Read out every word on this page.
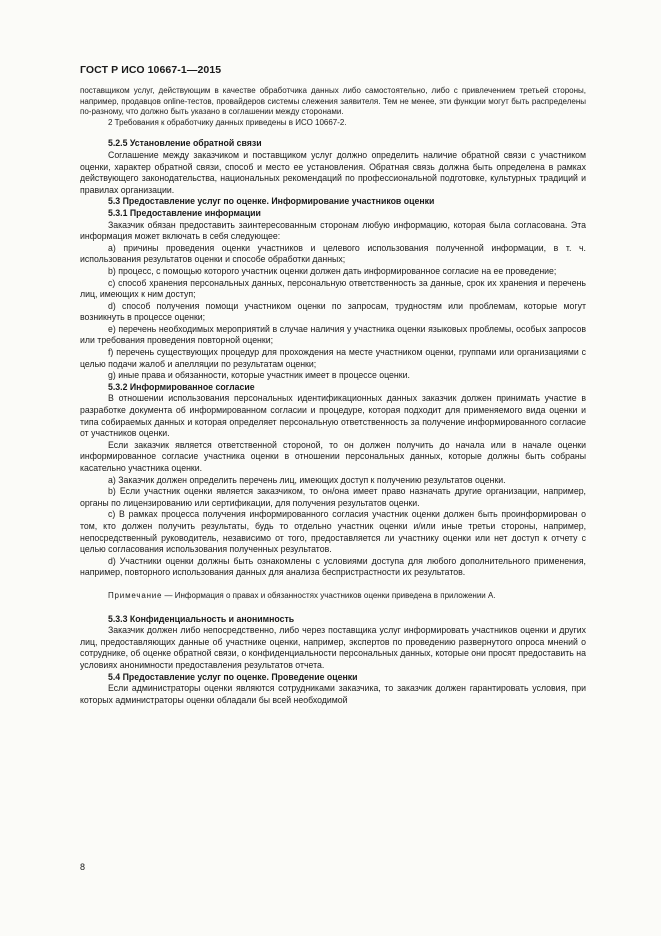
ГОСТ Р ИСО 10667-1—2015

поставщиком услуг, действующим в качестве обработчика данных либо самостоятельно, либо с привлечением третьей стороны, например, продавцов online-тестов, провайдеров системы слежения заявителя. Тем не менее, эти функции могут быть распределены по-разному, что должно быть указано в соглашении между сторонами.

2 Требования к обработчику данных приведены в ИСО 10667-2.

5.2.5 Установление обратной связи

Соглашение между заказчиком и поставщиком услуг должно определить наличие обратной связи с участником оценки, характер обратной связи, способ и место ее установления. Обратная связь должна быть определена в рамках действующего законодательства, национальных рекомендаций по профессиональной подготовке, культурных традиций и правилах организации.

5.3 Предоставление услуг по оценке. Информирование участников оценки

5.3.1 Предоставление информации

Заказчик обязан предоставить заинтересованным сторонам любую информацию, которая была согласована. Эта информация может включать в себя следующее:

а) причины проведения оценки участников и целевого использования полученной информации, в т. ч. использования результатов оценки и способе обработки данных;

b) процесс, с помощью которого участник оценки должен дать информированное согласие на ее проведение;

c) способ хранения персональных данных, персональную ответственность за данные, срок их хранения и перечень лиц, имеющих к ним доступ;

d) способ получения помощи участником оценки по запросам, трудностям или проблемам, которые могут возникнуть в процессе оценки;

e) перечень необходимых мероприятий в случае наличия у участника оценки языковых проблемы, особых запросов или требования проведения повторной оценки;

f) перечень существующих процедур для прохождения на месте участником оценки, группами или организациями с целью подачи жалоб и апелляции по результатам оценки;

g) иные права и обязанности, которые участник имеет в процессе оценки.

5.3.2 Информированное согласие

В отношении использования персональных идентификационных данных заказчик должен принимать участие в разработке документа об информированном согласии и процедуре, которая подходит для применяемого вида оценки и типа собираемых данных и которая определяет персональную ответственность за получение информированного согласие от участников оценки.

Если заказчик является ответственной стороной, то он должен получить до начала или в начале оценки информированное согласие участника оценки в отношении персональных данных, которые должны быть собраны касательно участника оценки.

а) Заказчик должен определить перечень лиц, имеющих доступ к получению результатов оценки.

b) Если участник оценки является заказчиком, то он/она имеет право назначать другие организации, например, органы по лицензированию или сертификации, для получения результатов оценки.

c) В рамках процесса получения информированного согласия участник оценки должен быть проинформирован о том, кто должен получить результаты, будь то отдельно участник оценки и/или иные третьи стороны, например, непосредственный руководитель, независимо от того, предоставляется ли участнику оценки или нет доступ к отчету с целью согласования использования полученных результатов.

d) Участники оценки должны быть ознакомлены с условиями доступа для любого дополнительного применения, например, повторного использования данных для анализа беспристрастности их результатов.

Примечание — Информация о правах и обязанностях участников оценки приведена в приложении А.

5.3.3 Конфиденциальность и анонимность

Заказчик должен либо непосредственно, либо через поставщика услуг информировать участников оценки и других лиц, предоставляющих данные об участнике оценки, например, экспертов по проведению развернутого опроса мнений о сотруднике, об оценке обратной связи, о конфиденциальности персональных данных, которые они просят предоставить на условиях анонимности предоставления результатов отчета.

5.4 Предоставление услуг по оценке. Проведение оценки

Если администраторы оценки являются сотрудниками заказчика, то заказчик должен гарантировать условия, при которых администраторы оценки обладали бы всей необходимой

8
